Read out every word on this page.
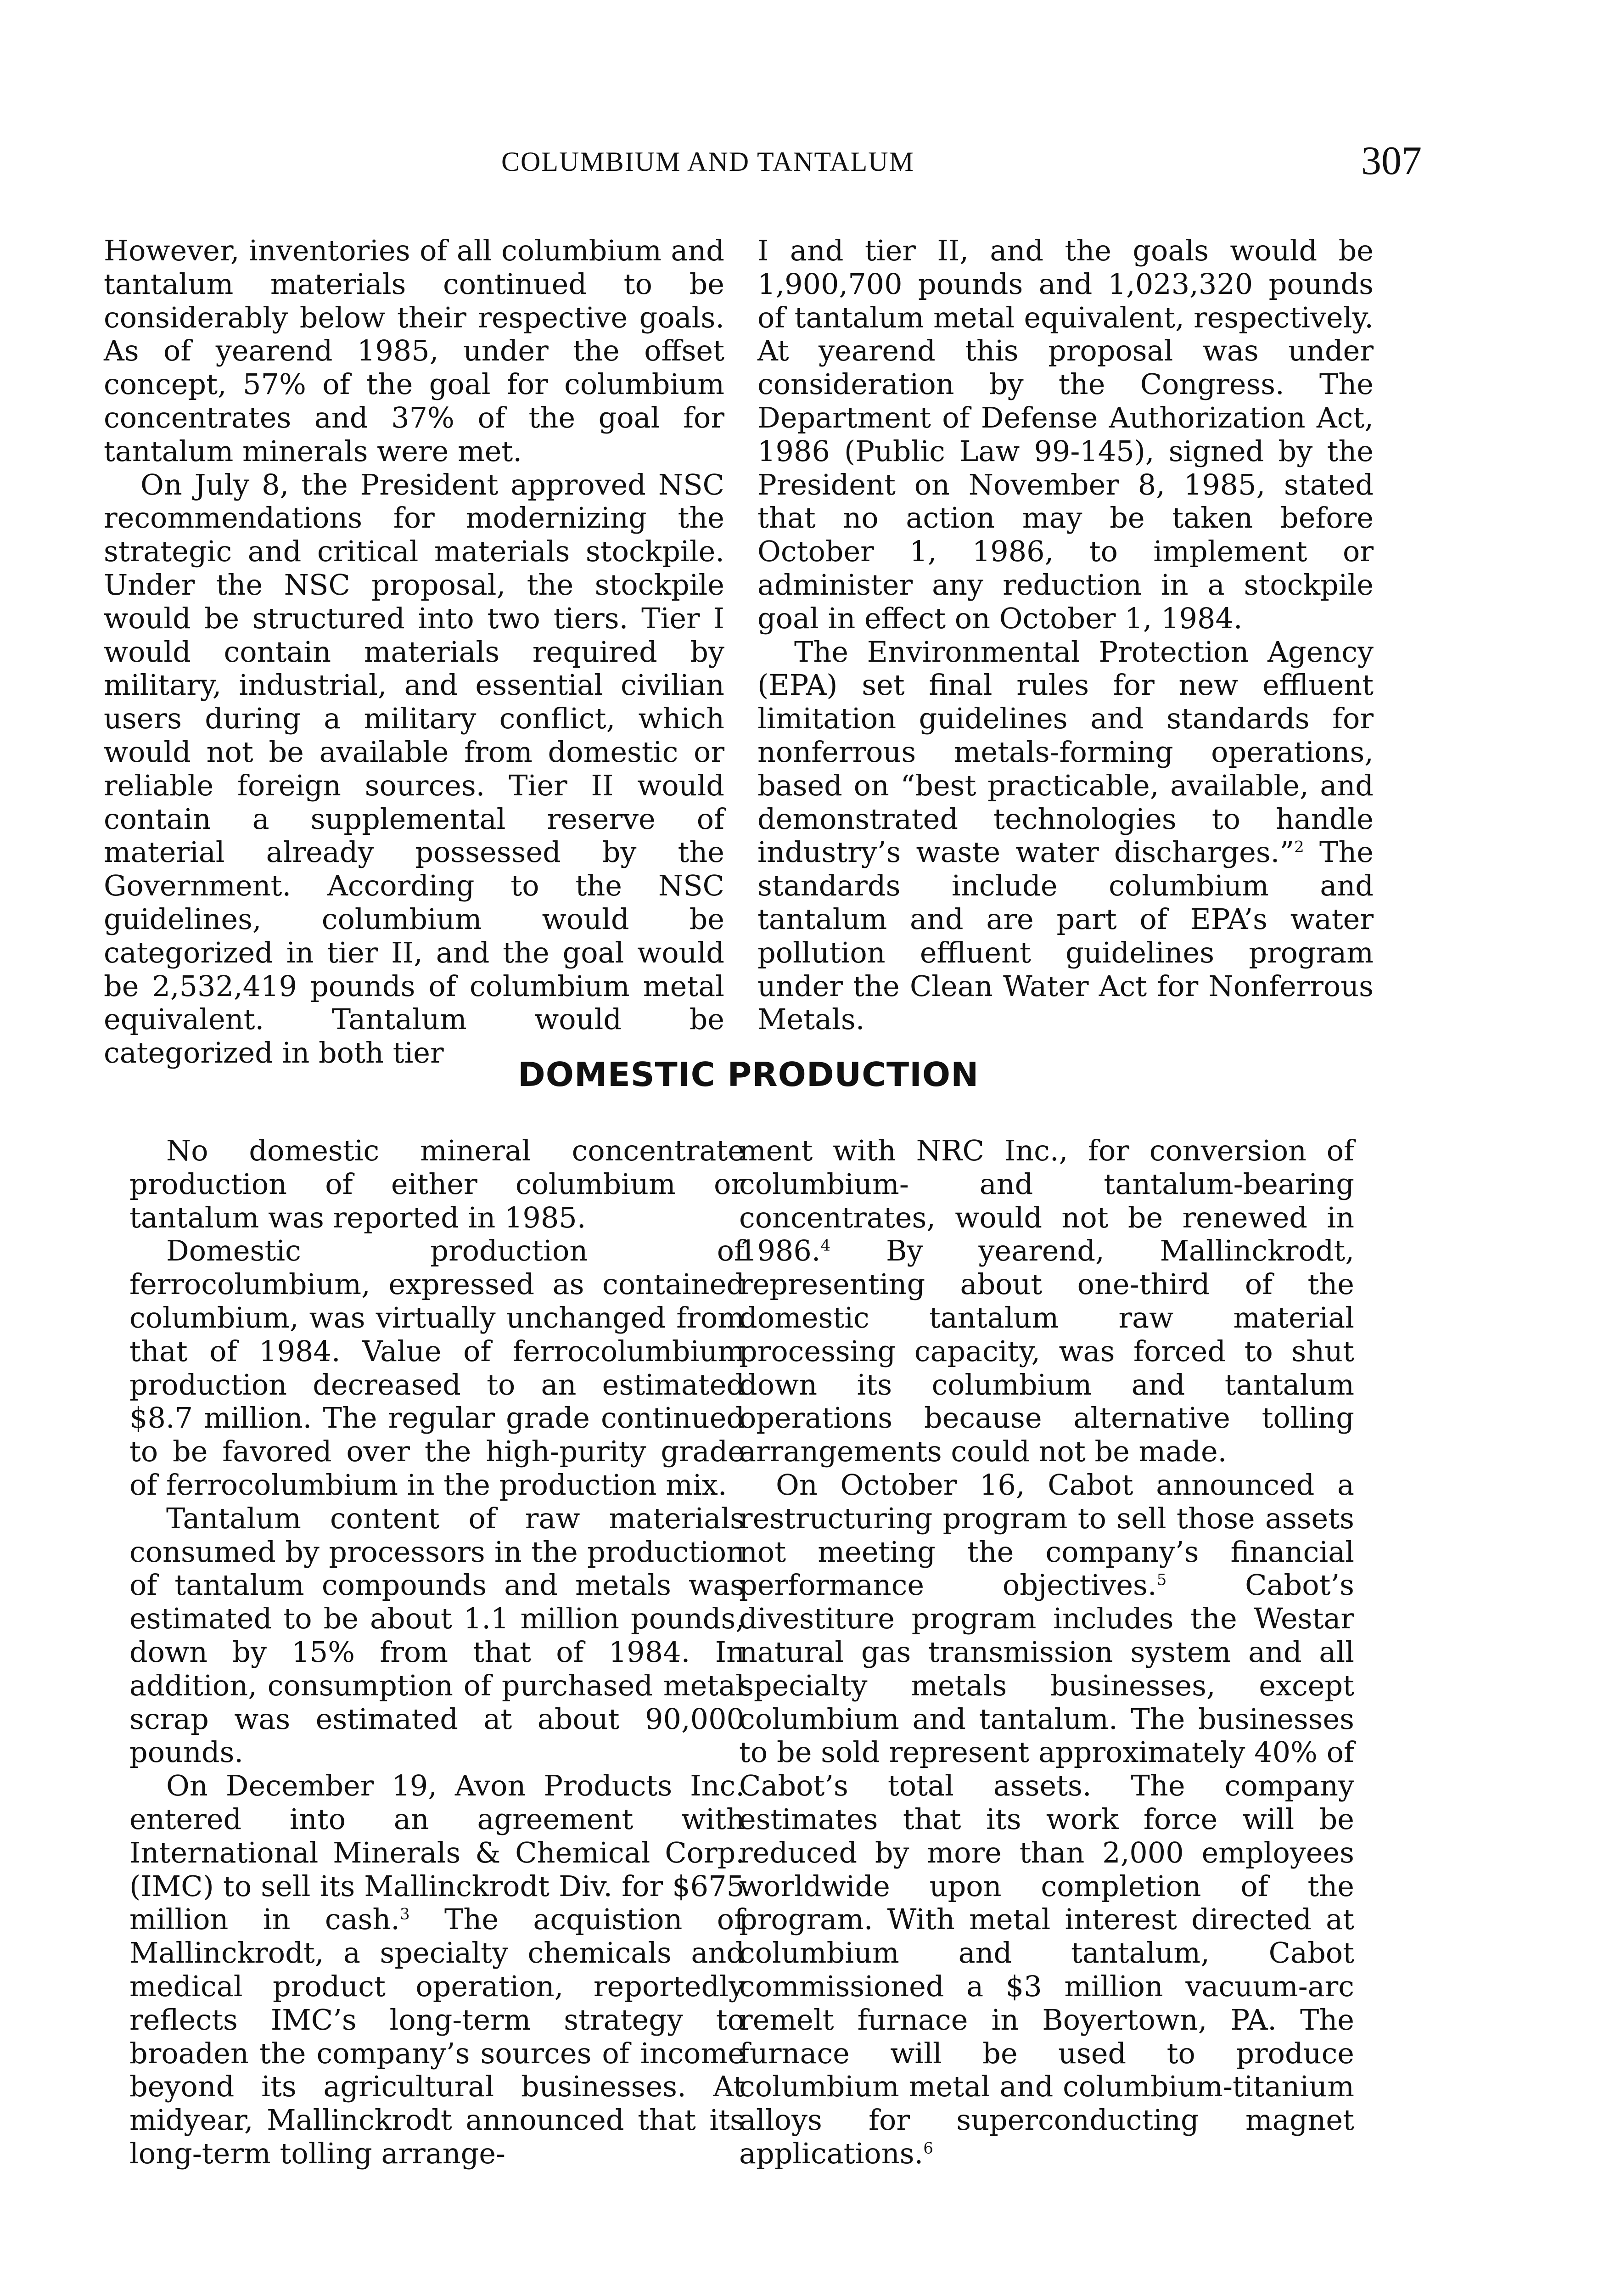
COLUMBIUM AND TANTALUM	307

However, inventories of all columbium and tantalum materials continued to be considerably below their respective goals. As of yearend 1985, under the offset concept, 57% of the goal for columbium concentrates and 37% of the goal for tantalum minerals were met.

On July 8, the President approved NSC recommendations for modernizing the strategic and critical materials stockpile. Under the NSC proposal, the stockpile would be structured into two tiers. Tier I would contain materials required by military, industrial, and essential civilian users during a military conflict, which would not be available from domestic or reliable foreign sources. Tier II would contain a supplemental reserve of material already possessed by the Government. According to the NSC guidelines, columbium would be categorized in tier II, and the goal would be 2,532,419 pounds of columbium metal equivalent. Tantalum would be categorized in both tier

I and tier II, and the goals would be 1,900,700 pounds and 1,023,320 pounds of tantalum metal equivalent, respectively. At yearend this proposal was under consideration by the Congress. The Department of Defense Authorization Act, 1986 (Public Law 99-145), signed by the President on November 8, 1985, stated that no action may be taken before October 1, 1986, to implement or administer any reduction in a stockpile goal in effect on October 1, 1984.

The Environmental Protection Agency (EPA) set final rules for new effluent limitation guidelines and standards for nonferrous metals-forming operations, based on “best practicable, available, and demonstrated technologies to handle industry’s waste water discharges.”$^2$ The standards include columbium and tantalum and are part of EPA’s water pollution effluent guidelines program under the Clean Water Act for Nonferrous Metals.

DOMESTIC PRODUCTION

No domestic mineral concentrate production of either columbium or tantalum was reported in 1985.

Domestic production of ferrocolumbium, expressed as contained columbium, was virtually unchanged from that of 1984. Value of ferrocolumbium production decreased to an estimated $8.7 million. The regular grade continued to be favored over the high-purity grade of ferrocolumbium in the production mix.

Tantalum content of raw materials consumed by processors in the production of tantalum compounds and metals was estimated to be about 1.1 million pounds, down by 15% from that of 1984. In addition, consumption of purchased metal scrap was estimated at about 90,000 pounds.

On December 19, Avon Products Inc. entered into an agreement with International Minerals & Chemical Corp. (IMC) to sell its Mallinckrodt Div. for $675 million in cash.$^3$ The acquistion of Mallinckrodt, a specialty chemicals and medical product operation, reportedly reflects IMC’s long-term strategy to broaden the company’s sources of income beyond its agricultural businesses. At midyear, Mallinckrodt announced that its long-term tolling arrange-

ment with NRC Inc., for conversion of columbium- and tantalum-bearing concentrates, would not be renewed in 1986.$^4$ By yearend, Mallinckrodt, representing about one-third of the domestic tantalum raw material processing capacity, was forced to shut down its columbium and tantalum operations because alternative tolling arrangements could not be made.

On October 16, Cabot announced a restructuring program to sell those assets not meeting the company’s financial performance objectives.$^5$ Cabot’s divestiture program includes the Westar natural gas transmission system and all specialty metals businesses, except columbium and tantalum. The businesses to be sold represent approximately 40% of Cabot’s total assets. The company estimates that its work force will be reduced by more than 2,000 employees worldwide upon completion of the program. With metal interest directed at columbium and tantalum, Cabot commissioned a $3 million vacuum-arc remelt furnace in Boyertown, PA. The furnace will be used to produce columbium metal and columbium-titanium alloys for superconducting magnet applications.$^6$
